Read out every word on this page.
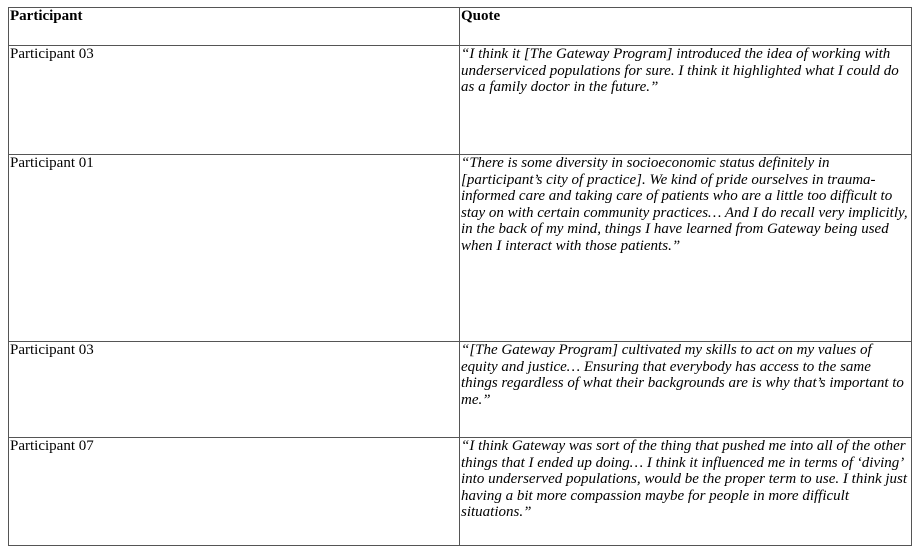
Participant	Quote
Participant 03	“I think it [The Gateway Program] introduced the idea of working with underserviced populations for sure. I think it highlighted what I could do as a family doctor in the future.”
Participant 01	“There is some diversity in socioeconomic status definitely in [participant’s city of practice]. We kind of pride ourselves in trauma-informed care and taking care of patients who are a little too difficult to stay on with certain community practices… And I do recall very implicitly, in the back of my mind, things I have learned from Gateway being used when I interact with those patients.”
Participant 03	“[The Gateway Program] cultivated my skills to act on my values of equity and justice… Ensuring that everybody has access to the same things regardless of what their backgrounds are is why that’s important to me.”
Participant 07	“I think Gateway was sort of the thing that pushed me into all of the other things that I ended up doing… I think it influenced me in terms of ‘diving’ into underserved populations, would be the proper term to use. I think just having a bit more compassion maybe for people in more difficult situations.”
